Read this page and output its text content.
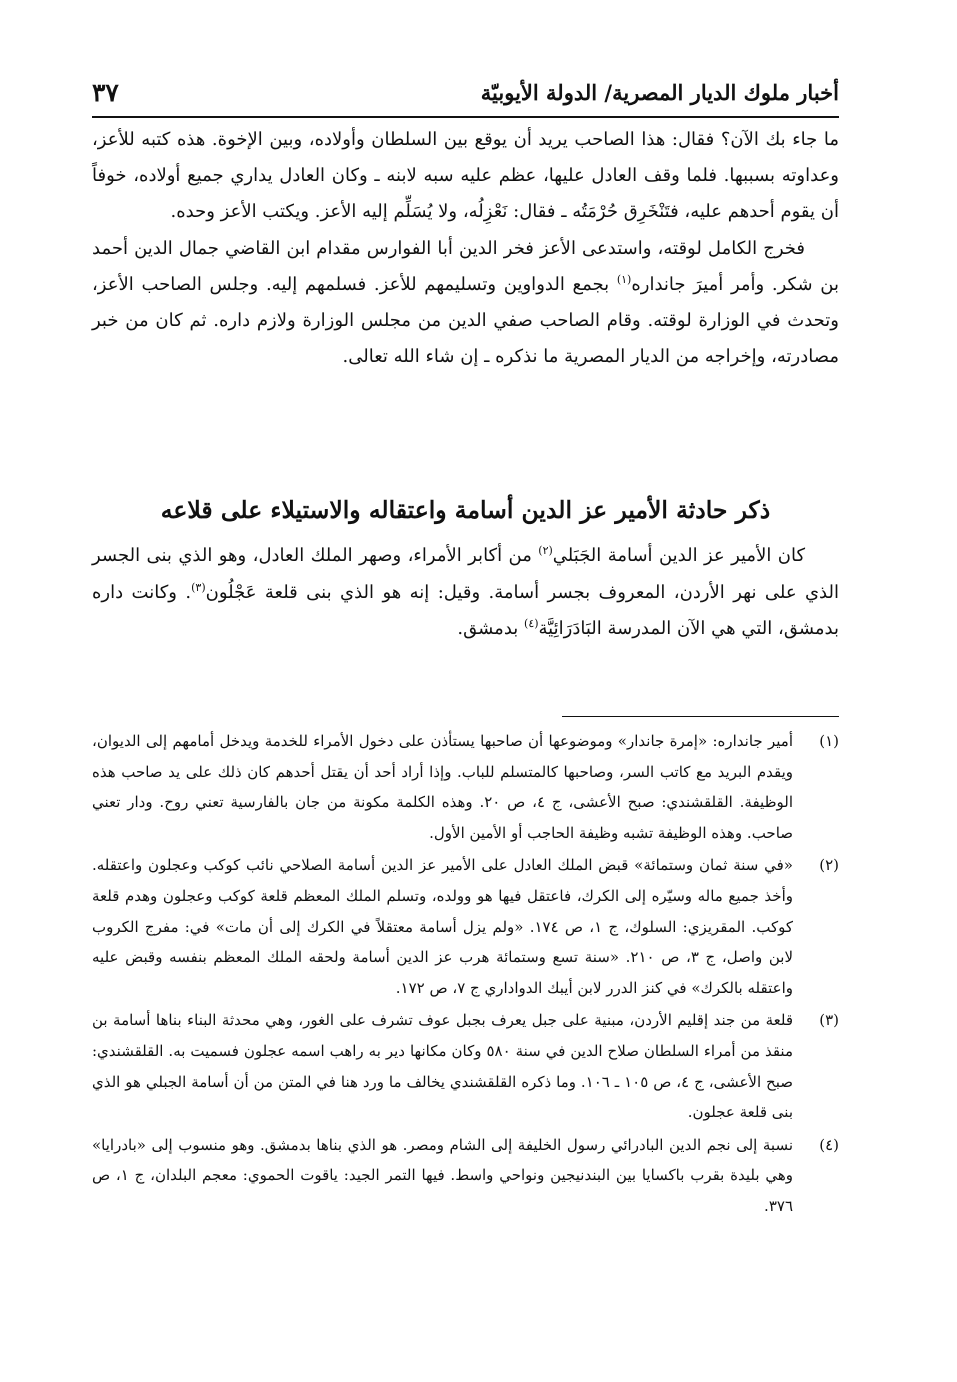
أخبار ملوك الديار المصرية/ الدولة الأيوبيّة
٣٧

ما جاء بك الآن؟ فقال: هذا الصاحب يريد أن يوقع بين السلطان وأولاده، وبين الإخوة. هذه كتبه للأعز، وعداوته بسببها. فلما وقف العادل عليها، عظم عليه سبه لابنه ـ وكان العادل يداري جميع أولاده، خوفاً أن يقوم أحدهم عليه، فتَنْخَرِق حُرْمَتُه ـ فقال: نَعْزِلُه، ولا يُسَلِّم إليه الأعز. ويكتب الأعز وحده.

فخرج الكامل لوقته، واستدعى الأعز فخر الدين أبا الفوارس مقدام ابن القاضي جمال الدين أحمد بن شكر. وأمر أميرَ جانداره$^{(١)}$ بجمع الدواوين وتسليمهم للأعز. فسلمهم إليه. وجلس الصاحب الأعز، وتحدث في الوزارة لوقته. وقام الصاحب صفي الدين من مجلس الوزارة ولازم داره. ثم كان من خبر مصادرته، وإخراجه من الديار المصرية ما نذكره ـ إن شاء الله تعالى.

ذكر حادثة الأمير عز الدين أسامة واعتقاله والاستيلاء على قلاعه

كان الأمير عز الدين أسامة الجَبَلي$^{(٢)}$ من أكابر الأمراء، وصهر الملك العادل، وهو الذي بنى الجسر الذي على نهر الأردن، المعروف بجسر أسامة. وقيل: إنه هو الذي بنى قلعة عَجْلُون$^{(٣)}$. وكانت داره بدمشق، التي هي الآن المدرسة البَادَرَائِيَّة$^{(٤)}$ بدمشق.

(١)
أمير جانداره: «إمرة جاندار» وموضوعها أن صاحبها يستأذن على دخول الأمراء للخدمة ويدخل أمامهم إلى الديوان، ويقدم البريد مع كاتب السر، وصاحبها كالمتسلم للباب. وإذا أراد أحد أن يقتل أحدهم كان ذلك على يد صاحب هذه الوظيفة. القلقشندي: صبح الأعشى، ج ٤، ص ٢٠. وهذه الكلمة مكونة من جان بالفارسية تعني روح. ودار تعني صاحب. وهذه الوظيفة تشبه وظيفة الحاجب أو الأمين الأول.
(٢)
«في سنة ثمان وستمائة» قبض الملك العادل على الأمير عز الدين أسامة الصلاحي نائب كوكب وعجلون واعتقله. وأخذ جميع ماله وسيّره إلى الكرك، فاعتقل فيها هو وولده، وتسلم الملك المعظم قلعة كوكب وعجلون وهدم قلعة كوكب. المقريزي: السلوك، ج ١، ص ١٧٤. «ولم يزل أسامة معتقلاً في الكرك إلى أن مات» في: مفرج الكروب لابن واصل، ج ٣، ص ٢١٠. «سنة تسع وستمائة هرب عز الدين أسامة ولحقه الملك المعظم بنفسه وقبض عليه واعتقله بالكرك» في كنز الدرر لابن أيبك الدواداري ج ٧، ص ١٧٢.
(٣)
قلعة من جند إقليم الأردن، مبنية على جبل يعرف بجبل عوف تشرف على الغور، وهي محدثة البناء بناها أسامة بن منقذ من أمراء السلطان صلاح الدين في سنة ٥٨٠ وكان مكانها دير به راهب اسمه عجلون فسميت به. القلقشندي: صبح الأعشى، ج ٤، ص ١٠٥ ـ ١٠٦. وما ذكره القلقشندي يخالف ما ورد هنا في المتن من أن أسامة الجبلي هو الذي بنى قلعة عجلون.
(٤)
نسبة إلى نجم الدين البادرائي رسول الخليفة إلى الشام ومصر. هو الذي بناها بدمشق. وهو منسوب إلى «بادرايا» وهي بليدة بقرب باكسايا بين البندنيجين ونواحي واسط. فيها التمر الجيد: ياقوت الحموي: معجم البلدان، ج ١، ص ٣٧٦.
